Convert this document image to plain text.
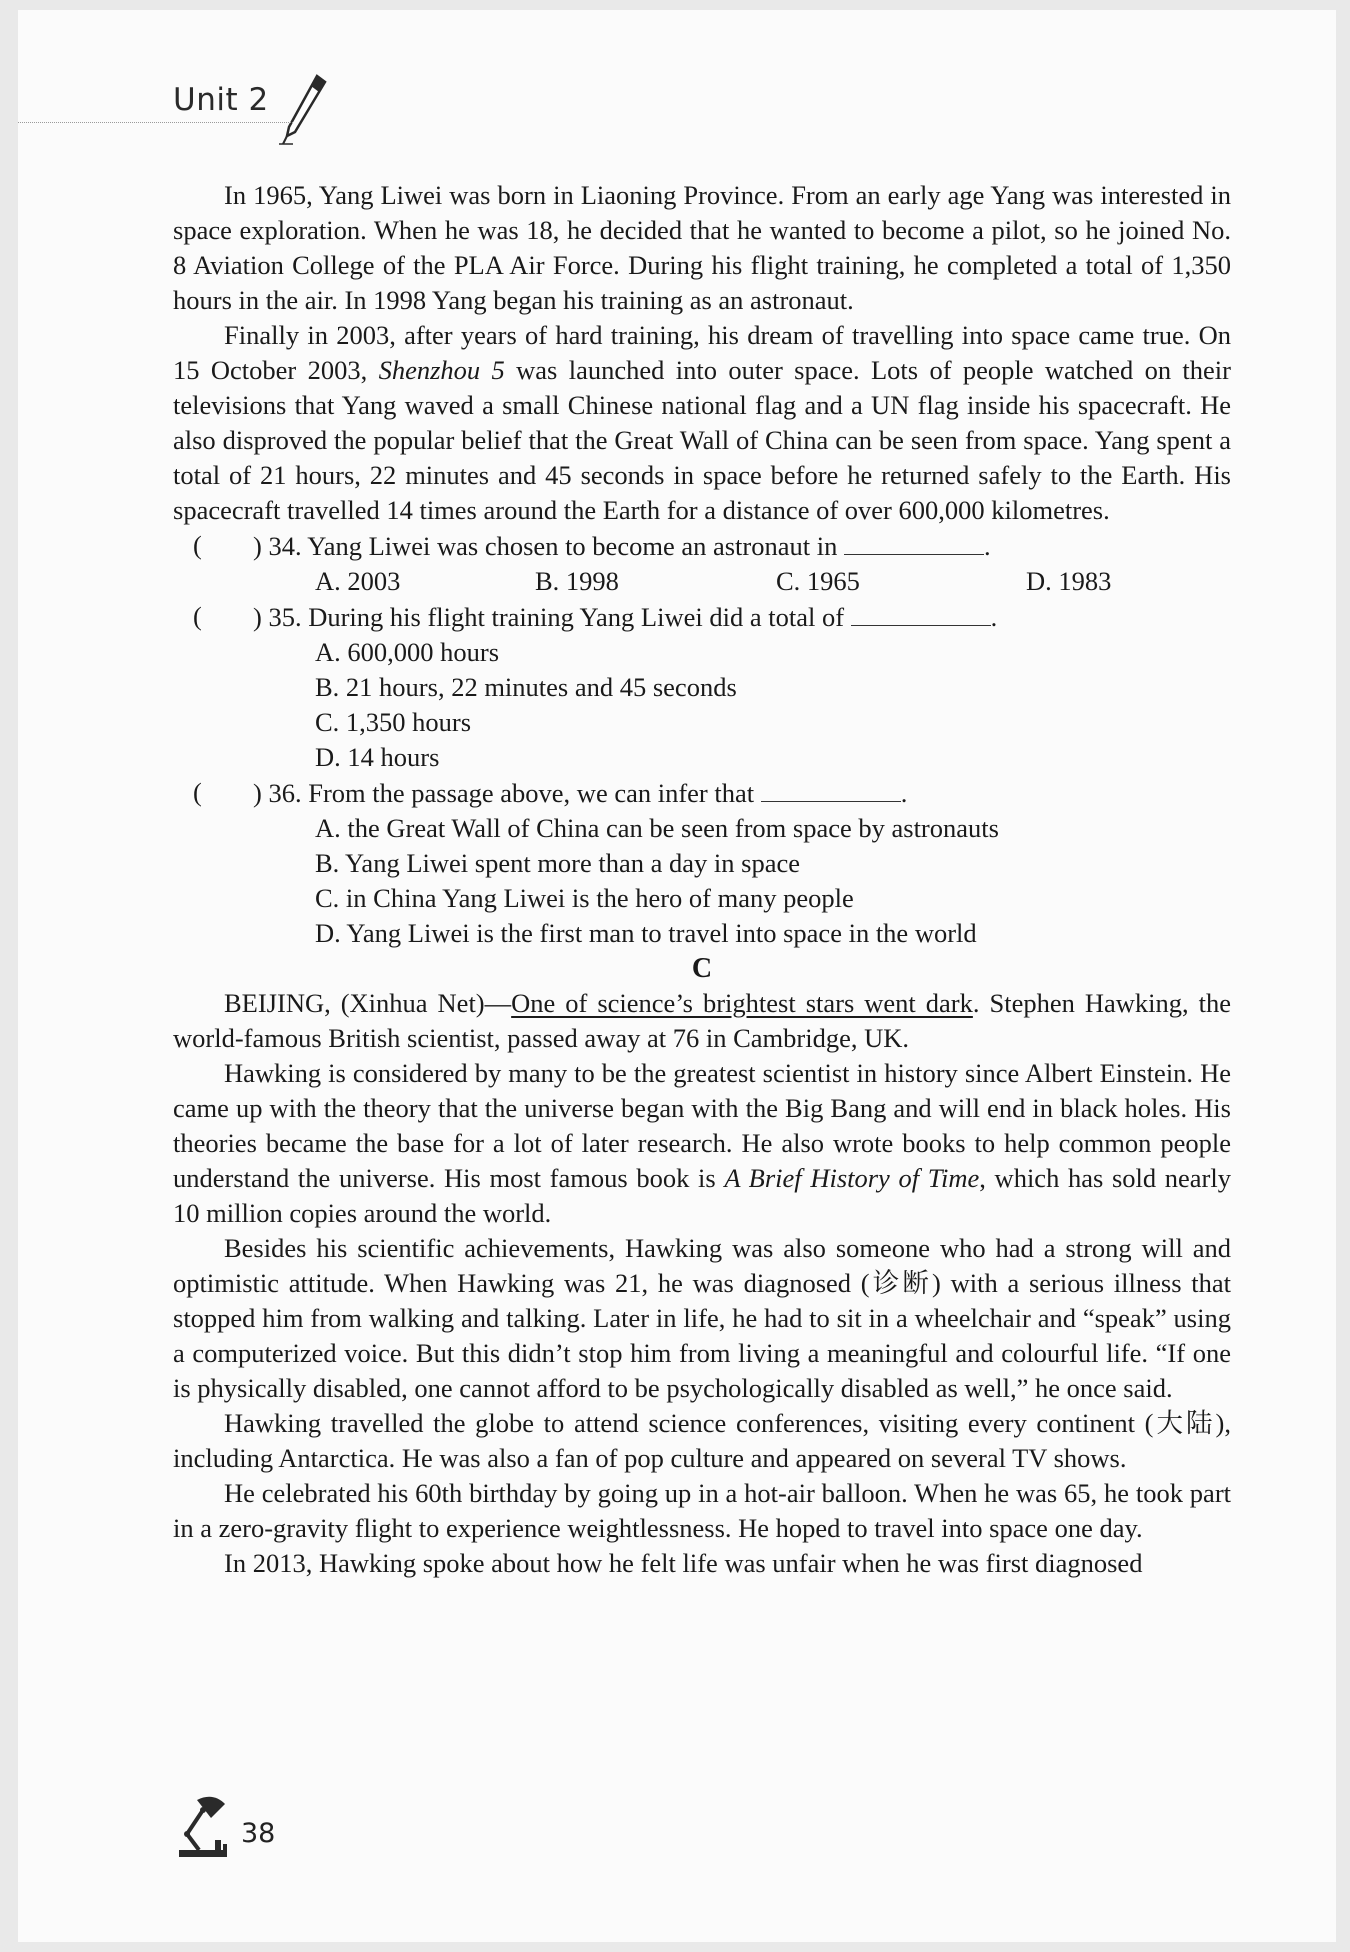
Unit 2

In 1965, Yang Liwei was born in Liaoning Province. From an early age Yang was interested in space exploration. When he was 18, he decided that he wanted to become a pilot, so he joined No. 8 Aviation College of the PLA Air Force. During his flight training, he completed a total of 1,350 hours in the air. In 1998 Yang began his training as an astronaut.

Finally in 2003, after years of hard training, his dream of travelling into space came true. On 15 October 2003, Shenzhou 5 was launched into outer space. Lots of people watched on their televisions that Yang waved a small Chinese national flag and a UN flag inside his spacecraft. He also disproved the popular belief that the Great Wall of China can be seen from space. Yang spent a total of 21 hours, 22 minutes and 45 seconds in space before he returned safely to the Earth. His spacecraft travelled 14 times around the Earth for a distance of over 600,000 kilometres.

( ) 34. Yang Liwei was chosen to become an astronaut in	.
A. 2003	B. 1998	C. 1965	D. 1983
( ) 35. During his flight training Yang Liwei did a total of	.
A. 600,000 hours
B. 21 hours, 22 minutes and 45 seconds
C. 1,350 hours
D. 14 hours
( ) 36. From the passage above, we can infer that	.
A. the Great Wall of China can be seen from space by astronauts
B. Yang Liwei spent more than a day in space
C. in China Yang Liwei is the hero of many people
D. Yang Liwei is the first man to travel into space in the world
C

BEIJING, (Xinhua Net)—One of science’s brightest stars went dark. Stephen Hawking, the world-famous British scientist, passed away at 76 in Cambridge, UK.

Hawking is considered by many to be the greatest scientist in history since Albert Einstein. He came up with the theory that the universe began with the Big Bang and will end in black holes. His theories became the base for a lot of later research. He also wrote books to help common people understand the universe. His most famous book is A Brief History of Time, which has sold nearly 10 million copies around the world.

Besides his scientific achievements, Hawking was also someone who had a strong will and optimistic attitude. When Hawking was 21, he was diagnosed (诊断) with a serious illness that stopped him from walking and talking. Later in life, he had to sit in a wheelchair and “speak” using a computerized voice. But this didn’t stop him from living a meaningful and colourful life. “If one is physically disabled, one cannot afford to be psychologically disabled as well,” he once said.

Hawking travelled the globe to attend science conferences, visiting every continent (大陆), including Antarctica. He was also a fan of pop culture and appeared on several TV shows.

He celebrated his 60th birthday by going up in a hot-air balloon. When he was 65, he took part in a zero-gravity flight to experience weightlessness. He hoped to travel into space one day.

In 2013, Hawking spoke about how he felt life was unfair when he was first diagnosed

38
